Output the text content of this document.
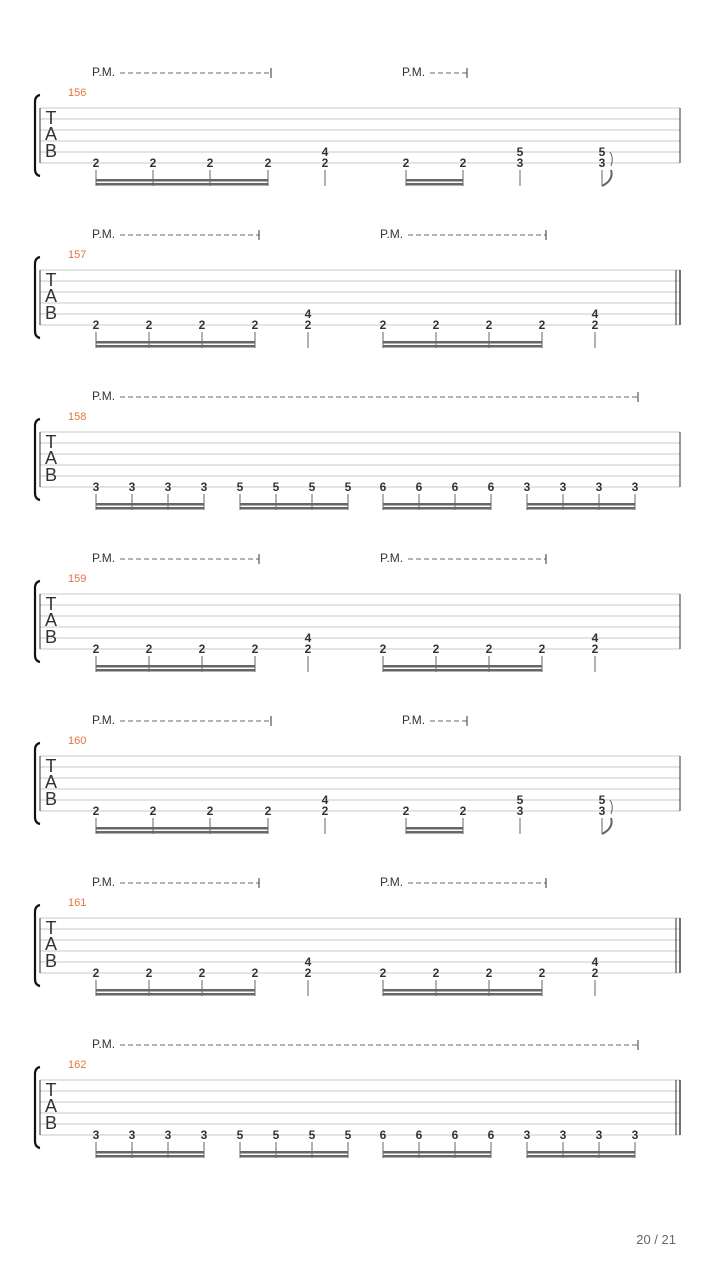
T
A
B
156
P.M.	P.M.
2	2	2	2
4
2	2	2
5
3
5
3
T
A
B
157
P.M.	P.M.
2	2	2	2
4
2	2	2	2	2
4
2
T
A
B
158
P.M.
3 3 3 3 5 5 5 5 6 6 6 6 3 3 3 3
T
A
B
159
P.M.	P.M.
2	2	2	2
4
2	2	2	2	2
4
2
T
A
B
160
P.M.	P.M.
2	2	2	2
4
2	2	2
5
3
5
3
T
A
B
161
P.M.	P.M.
2	2	2	2
4
2	2	2	2	2
4
2
T
A
B
162
P.M.
3 3 3 3 5 5 5 5 6 6 6 6 3 3 3 3
20 / 21
